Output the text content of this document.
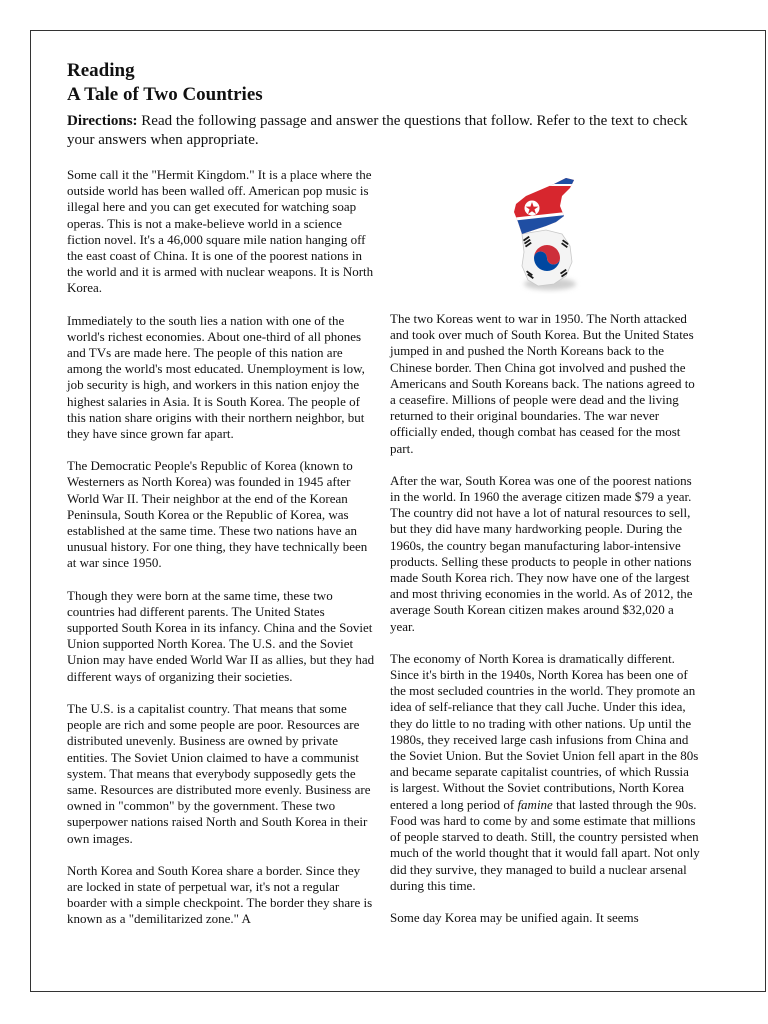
Reading
A Tale of Two Countries
Directions: Read the following passage and answer the questions that follow. Refer to the text to check your answers when appropriate.

Some call it the "Hermit Kingdom." It is a place where the outside world has been walled off. American pop music is illegal here and you can get executed for watching soap operas. This is not a make-believe world in a science fiction novel. It's a 46,000 square mile nation hanging off the east coast of China. It is one of the poorest nations in the world and it is armed with nuclear weapons. It is North Korea.

Immediately to the south lies a nation with one of the world's richest economies. About one-third of all phones and TVs are made here. The people of this nation are among the world's most educated. Unemployment is low, job security is high, and workers in this nation enjoy the highest salaries in Asia. It is South Korea. The people of this nation share origins with their northern neighbor, but they have since grown far apart.

The Democratic People's Republic of Korea (known to Westerners as North Korea) was founded in 1945 after World War II. Their neighbor at the end of the Korean Peninsula, South Korea or the Republic of Korea, was established at the same time. These two nations have an unusual history. For one thing, they have technically been at war since 1950.

Though they were born at the same time, these two countries had different parents. The United States supported South Korea in its infancy. China and the Soviet Union supported North Korea. The U.S. and the Soviet Union may have ended World War II as allies, but they had different ways of organizing their societies.

The U.S. is a capitalist country. That means that some people are rich and some people are poor. Resources are distributed unevenly. Business are owned by private entities. The Soviet Union claimed to have a communist system. That means that everybody supposedly gets the same. Resources are distributed more evenly. Business are owned in "common" by the government. These two superpower nations raised North and South Korea in their own images.

North Korea and South Korea share a border. Since they are locked in state of perpetual war, it's not a regular boarder with a simple checkpoint. The border they share is known as a "demilitarized zone." A

The two Koreas went to war in 1950. The North attacked and took over much of South Korea. But the United States jumped in and pushed the North Koreans back to the Chinese border. Then China got involved and pushed the Americans and South Koreans back. The nations agreed to a ceasefire. Millions of people were dead and the living returned to their original boundaries. The war never officially ended, though combat has ceased for the most part.

After the war, South Korea was one of the poorest nations in the world. In 1960 the average citizen made $79 a year. The country did not have a lot of natural resources to sell, but they did have many hardworking people. During the 1960s, the country began manufacturing labor-intensive products. Selling these products to people in other nations made South Korea rich. They now have one of the largest and most thriving economies in the world. As of 2012, the average South Korean citizen makes around $32,020 a year.

The economy of North Korea is dramatically different. Since it's birth in the 1940s, North Korea has been one of the most secluded countries in the world. They promote an idea of self-reliance that they call Juche. Under this idea, they do little to no trading with other nations. Up until the 1980s, they received large cash infusions from China and the Soviet Union. But the Soviet Union fell apart in the 80s and became separate capitalist countries, of which Russia is largest. Without the Soviet contributions, North Korea entered a long period of famine that lasted through the 90s. Food was hard to come by and some estimate that millions of people starved to death. Still, the country persisted when much of the world thought that it would fall apart. Not only did they survive, they managed to build a nuclear arsenal during this time.

Some day Korea may be unified again. It seems
